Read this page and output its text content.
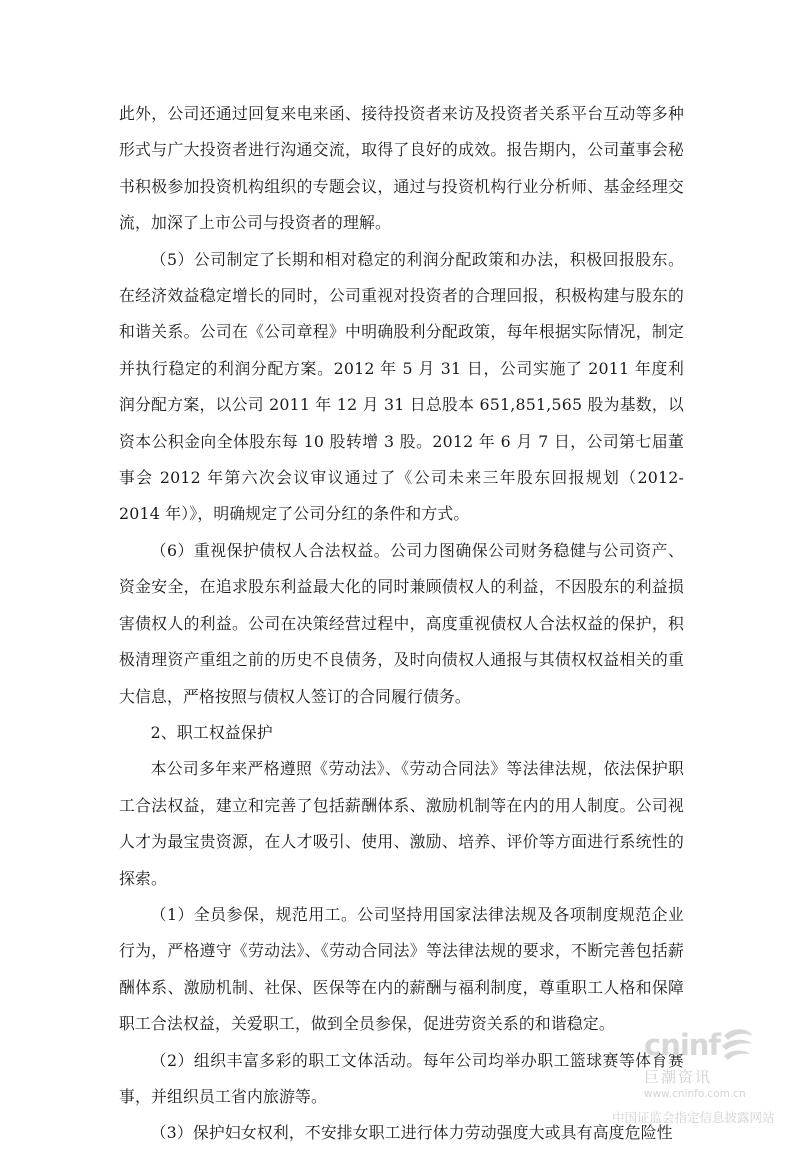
此外，公司还通过回复来电来函、接待投资者来访及投资者关系平台互动等多种形式与广大投资者进行沟通交流，取得了良好的成效。报告期内，公司董事会秘书积极参加投资机构组织的专题会议，通过与投资机构行业分析师、基金经理交流，加深了上市公司与投资者的理解。

（5）公司制定了长期和相对稳定的利润分配政策和办法，积极回报股东。在经济效益稳定增长的同时，公司重视对投资者的合理回报，积极构建与股东的和谐关系。公司在《公司章程》中明确股利分配政策，每年根据实际情况，制定并执行稳定的利润分配方案。2012 年 5 月 31 日，公司实施了 2011 年度利润分配方案，以公司 2011 年 12 月 31 日总股本 651,851,565 股为基数，以资本公积金向全体股东每 10 股转增 3 股。2012 年 6 月 7 日，公司第七届董事会 2012 年第六次会议审议通过了《公司未来三年股东回报规划（2012-2014 年）》，明确规定了公司分红的条件和方式。

（6）重视保护债权人合法权益。公司力图确保公司财务稳健与公司资产、资金安全，在追求股东利益最大化的同时兼顾债权人的利益，不因股东的利益损害债权人的利益。公司在决策经营过程中，高度重视债权人合法权益的保护，积极清理资产重组之前的历史不良债务，及时向债权人通报与其债权权益相关的重大信息，严格按照与债权人签订的合同履行债务。

2、职工权益保护

本公司多年来严格遵照《劳动法》、《劳动合同法》等法律法规，依法保护职工合法权益，建立和完善了包括薪酬体系、激励机制等在内的用人制度。公司视人才为最宝贵资源，在人才吸引、使用、激励、培养、评价等方面进行系统性的探索。

（1）全员参保，规范用工。公司坚持用国家法律法规及各项制度规范企业行为，严格遵守《劳动法》、《劳动合同法》等法律法规的要求，不断完善包括薪酬体系、激励机制、社保、医保等在内的薪酬与福利制度，尊重职工人格和保障职工合法权益，关爱职工，做到全员参保，促进劳资关系的和谐稳定。

（2）组织丰富多彩的职工文体活动。每年公司均举办职工篮球赛等体育赛事，并组织员工省内旅游等。

（3）保护妇女权利，不安排女职工进行体力劳动强度大或具有高度危险性

cninf
巨潮资讯
www.cninfo.com.cn
中国证监会指定信息披露网站
